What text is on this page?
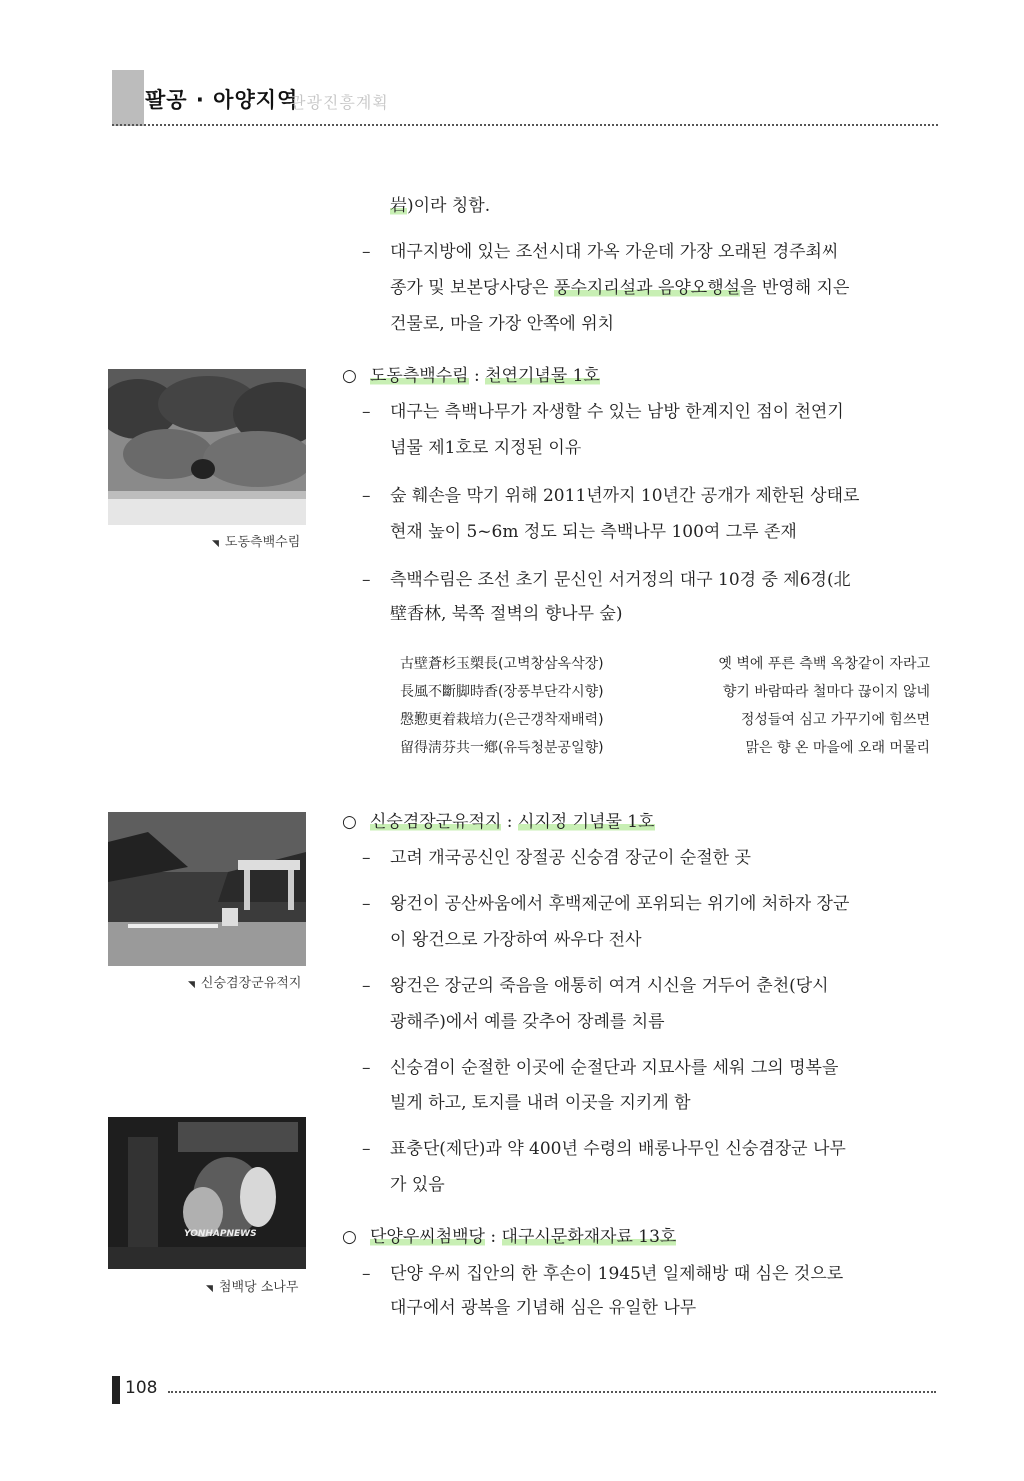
팔공 · 아양지역
관광진흥계획
◥ 도동측백수림
◥ 신숭겸장군유적지
YONHAPNEWS
◥ 첨백당 소나무
岩)이라 칭함.
– 대구지방에 있는 조선시대 가옥 가운데 가장 오래된 경주최씨
종가 및 보본당사당은 풍수지리설과 음양오행설을 반영해 지은
건물로, 마을 가장 안쪽에 위치
○ 도동측백수림 : 천연기념물 1호
– 대구는 측백나무가 자생할 수 있는 남방 한계지인 점이 천연기
념물 제1호로 지정된 이유
– 숲 훼손을 막기 위해 2011년까지 10년간 공개가 제한된 상태로
현재 높이 5~6m 정도 되는 측백나무 100여 그루 존재
– 측백수림은 조선 초기 문신인 서거정의 대구 10경 중 제6경(北
壁香林, 북쪽 절벽의 향나무 숲)
古壁蒼杉玉槊長(고벽창삼옥삭장)
長風不斷脚時香(장풍부단각시향)
慇懃更着栽培力(은근갱착재배력)
留得淸芬共一鄕(유득청분공일향)
옛 벽에 푸른 측백 옥창같이 자라고
향기 바람따라 철마다 끊이지 않네
정성들여 심고 가꾸기에 힘쓰면
맑은 향 온 마을에 오래 머물리
○ 신숭겸장군유적지 : 시지정 기념물 1호
– 고려 개국공신인 장절공 신숭겸 장군이 순절한 곳
– 왕건이 공산싸움에서 후백제군에 포위되는 위기에 처하자 장군
이 왕건으로 가장하여 싸우다 전사
– 왕건은 장군의 죽음을 애통히 여겨 시신을 거두어 춘천(당시
광해주)에서 예를 갖추어 장례를 치름
– 신숭겸이 순절한 이곳에 순절단과 지묘사를 세워 그의 명복을
빌게 하고, 토지를 내려 이곳을 지키게 함
– 표충단(제단)과 약 400년 수령의 배롱나무인 신숭겸장군 나무
가 있음
○ 단양우씨첨백당 : 대구시문화재자료 13호
– 단양 우씨 집안의 한 후손이 1945년 일제해방 때 심은 것으로
대구에서 광복을 기념해 심은 유일한 나무
108
